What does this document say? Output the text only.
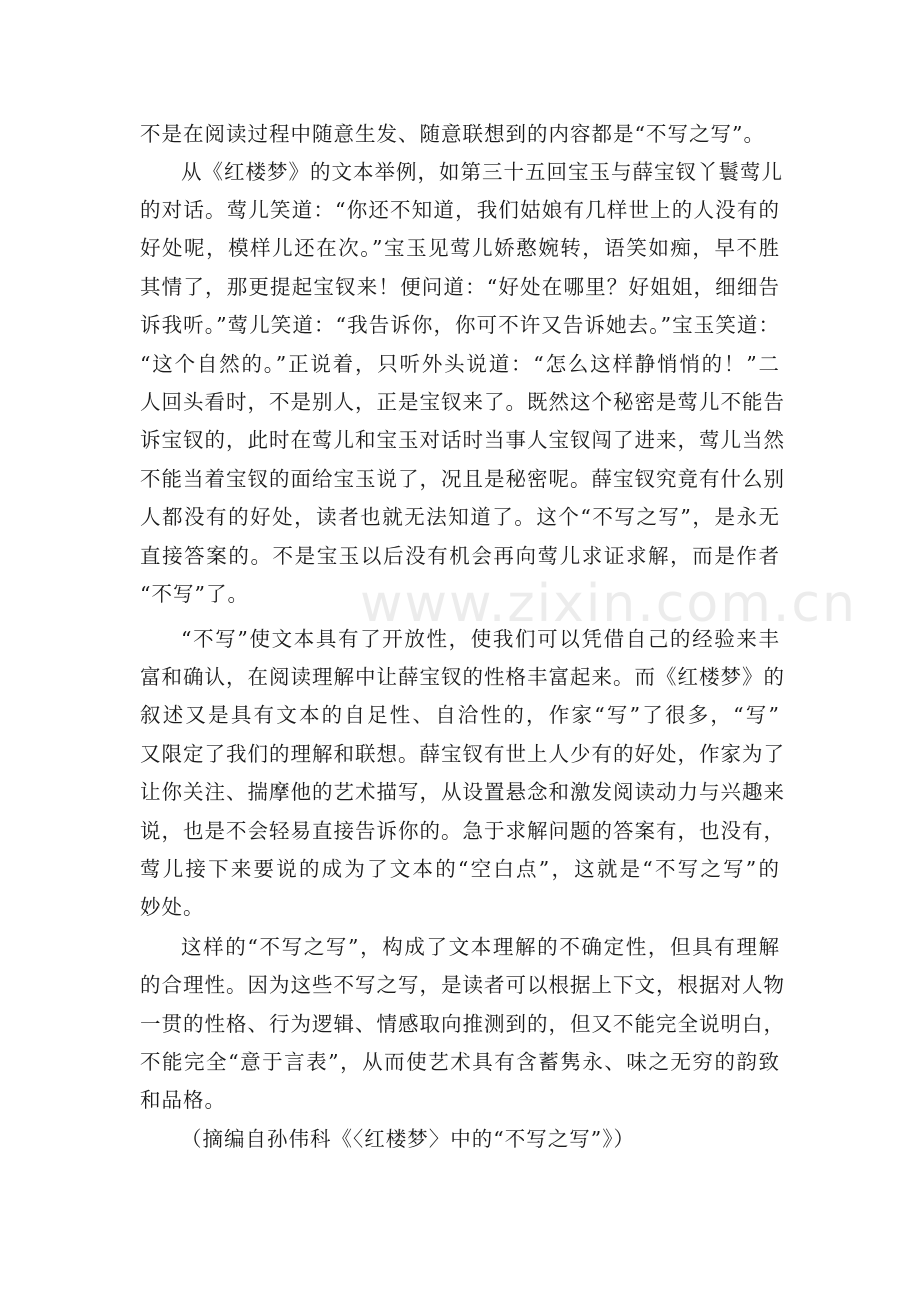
www.zixin.com.cn
不是在阅读过程中随意生发、随意联想到的内容都是“不写之写”。
从《红楼梦》的文本举例，如第三十五回宝玉与薛宝钗丫鬟莺儿
的对话。莺儿笑道：“你还不知道，我们姑娘有几样世上的人没有的
好处呢，模样儿还在次。”宝玉见莺儿娇憨婉转，语笑如痴，早不胜
其情了，那更提起宝钗来！便问道：“好处在哪里？好姐姐，细细告
诉我听。”莺儿笑道：“我告诉你，你可不许又告诉她去。”宝玉笑道：
“这个自然的。”正说着，只听外头说道：“怎么这样静悄悄的！”二
人回头看时，不是别人，正是宝钗来了。既然这个秘密是莺儿不能告
诉宝钗的，此时在莺儿和宝玉对话时当事人宝钗闯了进来，莺儿当然
不能当着宝钗的面给宝玉说了，况且是秘密呢。薛宝钗究竟有什么别
人都没有的好处，读者也就无法知道了。这个“不写之写”，是永无
直接答案的。不是宝玉以后没有机会再向莺儿求证求解，而是作者
“不写”了。
“不写”使文本具有了开放性，使我们可以凭借自己的经验来丰
富和确认，在阅读理解中让薛宝钗的性格丰富起来。而《红楼梦》的
叙述又是具有文本的自足性、自洽性的，作家“写”了很多，“写”
又限定了我们的理解和联想。薛宝钗有世上人少有的好处，作家为了
让你关注、揣摩他的艺术描写，从设置悬念和激发阅读动力与兴趣来
说，也是不会轻易直接告诉你的。急于求解问题的答案有，也没有，
莺儿接下来要说的成为了文本的“空白点”，这就是“不写之写”的
妙处。
这样的“不写之写”，构成了文本理解的不确定性，但具有理解
的合理性。因为这些不写之写，是读者可以根据上下文，根据对人物
一贯的性格、行为逻辑、情感取向推测到的，但又不能完全说明白，
不能完全“意于言表”，从而使艺术具有含蓄隽永、味之无穷的韵致
和品格。
（摘编自孙伟科《〈红楼梦〉中的“不写之写”》）
